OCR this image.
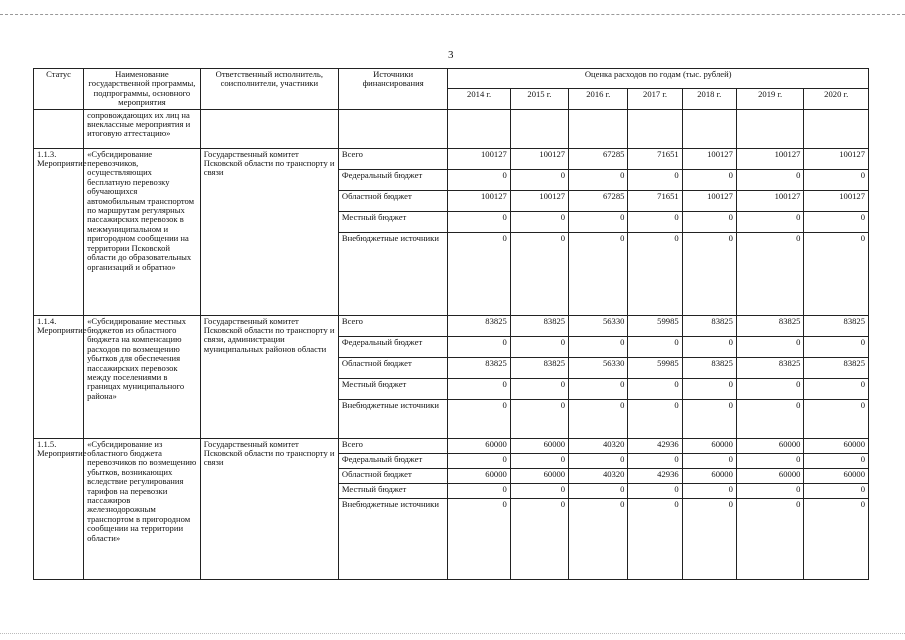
3
Статус	Наименование государственной программы, подпрограммы, основного мероприятия	Ответственный исполнитель, соисполнители, участники	Источники финансирования	Оценка расходов по годам (тыс. рублей)						
				2014 г.	2015 г.	2016 г.	2017 г.	2018 г.	2019 г.	2020 г.
	сопровождающих их лиц на внеклассные мероприятия и итоговую аттестацию»									
1.1.3. Мероприятие	«Субсидирование перевозчиков, осуществляющих бесплатную перевозку обучающихся автомобильным транспортом по маршрутам регулярных пассажирских перевозок в межмуниципальном и пригородном сообщении на территории Псковской области до образовательных организаций и обратно»	Государственный комитет Псковской области по транспорту и связи	Всего	100127	100127	67285	71651	100127	100127	100127
			Федеральный бюджет	0	0	0	0	0	0	0
			Областной бюджет	100127	100127	67285	71651	100127	100127	100127
			Местный бюджет	0	0	0	0	0	0	0
			Внебюджетные источники	0	0	0	0	0	0	0
1.1.4. Мероприятие	«Субсидирование местных бюджетов из областного бюджета на компенсацию расходов по возмещению убытков для обеспечения пассажирских перевозок между поселениями в границах муниципального района»	Государственный комитет Псковской области по транспорту и связи, администрации муниципальных районов области	Всего	83825	83825	56330	59985	83825	83825	83825
			Федеральный бюджет	0	0	0	0	0	0	0
			Областной бюджет	83825	83825	56330	59985	83825	83825	83825
			Местный бюджет	0	0	0	0	0	0	0
			Внебюджетные источники	0	0	0	0	0	0	0
1.1.5. Мероприятие	«Субсидирование из областного бюджета перевозчиков по возмещению убытков, возникающих вследствие регулирования тарифов на перевозки пассажиров железнодорожным транспортом в пригородном сообщении на территории области»	Государственный комитет Псковской области по транспорту и связи	Всего	60000	60000	40320	42936	60000	60000	60000
			Федеральный бюджет	0	0	0	0	0	0	0
			Областной бюджет	60000	60000	40320	42936	60000	60000	60000
			Местный бюджет	0	0	0	0	0	0	0
			Внебюджетные источники	0	0	0	0	0	0	0
